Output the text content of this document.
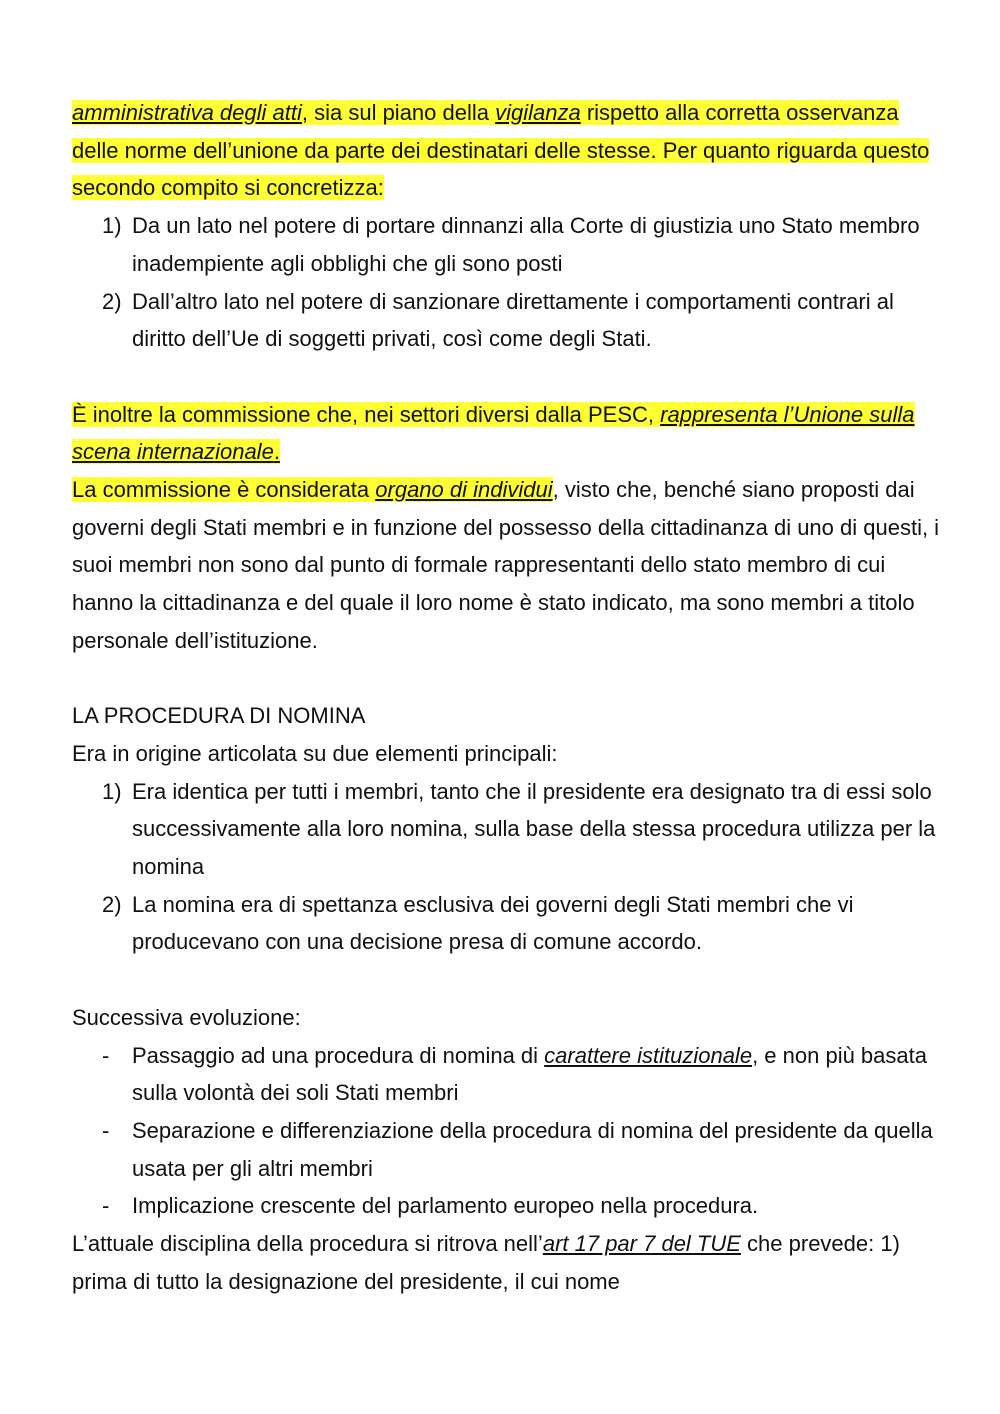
amministrativa degli atti, sia sul piano della vigilanza rispetto alla corretta osservanza delle norme dell’unione da parte dei destinatari delle stesse. Per quanto riguarda questo secondo compito si concretizza:

1) Da un lato nel potere di portare dinnanzi alla Corte di giustizia uno Stato membro inadempiente agli obblighi che gli sono posti
2) Dall’altro lato nel potere di sanzionare direttamente i comportamenti contrari al diritto dell’Ue di soggetti privati, così come degli Stati.

È inoltre la commissione che, nei settori diversi dalla PESC, rappresenta l’Unione sulla scena internazionale.

La commissione è considerata organo di individui, visto che, benché siano proposti dai governi degli Stati membri e in funzione del possesso della cittadinanza di uno di questi, i suoi membri non sono dal punto di formale rappresentanti dello stato membro di cui hanno la cittadinanza e del quale il loro nome è stato indicato, ma sono membri a titolo personale dell’istituzione.

LA PROCEDURA DI NOMINA

Era in origine articolata su due elementi principali:

1) Era identica per tutti i membri, tanto che il presidente era designato tra di essi solo successivamente alla loro nomina, sulla base della stessa procedura utilizza per la nomina
2) La nomina era di spettanza esclusiva dei governi degli Stati membri che vi producevano con una decisione presa di comune accordo.

Successiva evoluzione:

- Passaggio ad una procedura di nomina di carattere istituzionale, e non più basata sulla volontà dei soli Stati membri
- Separazione e differenziazione della procedura di nomina del presidente da quella usata per gli altri membri
- Implicazione crescente del parlamento europeo nella procedura.

L’attuale disciplina della procedura si ritrova nell’art 17 par 7 del TUE che prevede: 1) prima di tutto la designazione del presidente, il cui nome
